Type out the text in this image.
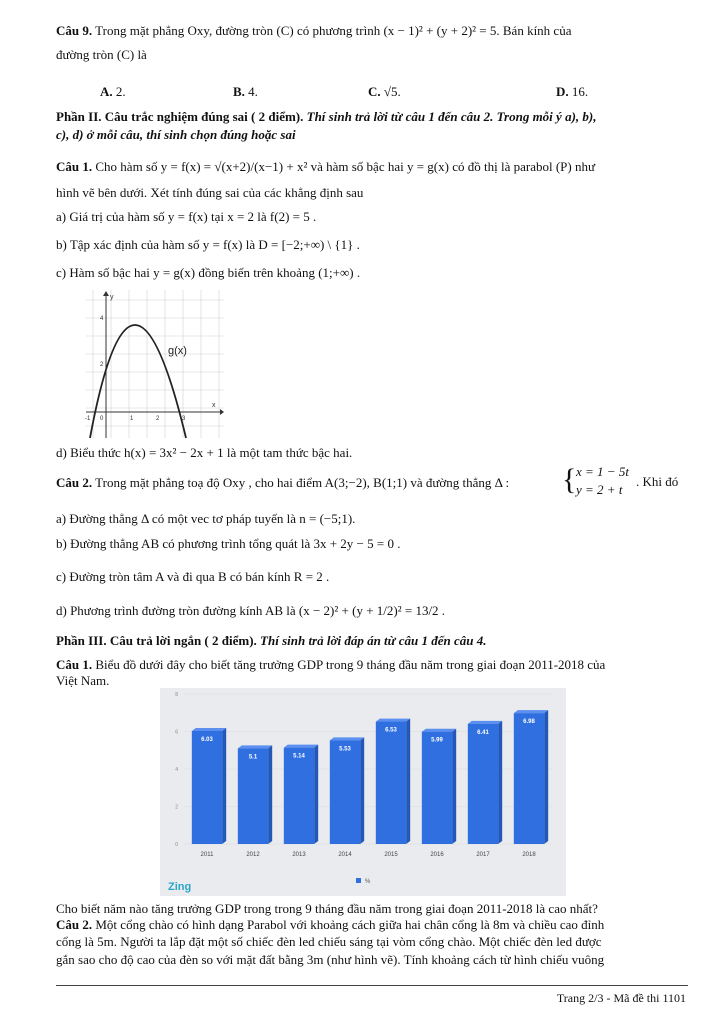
Câu 9. Trong mặt phẳng Oxy, đường tròn (C) có phương trình (x − 1)² + (y + 2)² = 5. Bán kính của
đường tròn (C) là
A. 2.	B. 4.	C. √5.	D. 16.
Phần II. Câu trắc nghiệm đúng sai ( 2 điểm). Thí sinh trả lời từ câu 1 đến câu 2. Trong mỗi ý a), b),
c), d) ở mỗi câu, thí sinh chọn đúng hoặc sai
Câu 1. Cho hàm số y = f(x) = √(x+2)/(x−1) + x² và hàm số bậc hai y = g(x) có đồ thị là parabol (P) như
hình vẽ bên dưới. Xét tính đúng sai của các khẳng định sau
a) Giá trị của hàm số y = f(x) tại x = 2 là f(2) = 5 .
b) Tập xác định của hàm số y = f(x) là D = [−2;+∞) \ {1} .
c) Hàm số bậc hai y = g(x) đồng biến trên khoảng (1;+∞) .
y
x
4
2
-1 0	1	2	3
g(x)
d) Biểu thức h(x) = 3x² − 2x + 1 là một tam thức bậc hai.
Câu 2. Trong mặt phẳng toạ độ Oxy , cho hai điểm A(3;−2), B(1;1) và đường thẳng Δ :	{ x = 1 − 5t
y = 2 + t
. Khi đó
a) Đường thẳng Δ có một vec tơ pháp tuyến là n = (−5;1).
b) Đường thẳng AB có phương trình tổng quát là 3x + 2y − 5 = 0 .
c) Đường tròn tâm A và đi qua B có bán kính R = 2 .
d) Phương trình đường tròn đường kính AB là (x − 2)² + (y + 1/2)² = 13/2 .
Phần III. Câu trả lời ngắn ( 2 điểm). Thí sinh trả lời đáp án từ câu 1 đến câu 4.
Câu 1. Biểu đồ dưới đây cho biết tăng trưởng GDP trong 9 tháng đầu năm trong giai đoạn 2011-2018 của
Việt Nam.
8
6
4
2
0
6.03
5.1	5.14
5.53
6.53
5.99
6.41
6.98
2011	2012	2013	2014	2015	2016	2017	2018
%
Zing
Cho biết năm nào tăng trưởng GDP trong trong 9 tháng đầu năm trong giai đoạn 2011-2018 là cao nhất?
Câu 2. Một cổng chào có hình dạng Parabol với khoảng cách giữa hai chân cổng là 8m và chiều cao đỉnh
cổng là 5m. Người ta lắp đặt một số chiếc đèn led chiếu sáng tại vòm cổng chào. Một chiếc đèn led được
gắn sao cho độ cao của đèn so với mặt đất bằng 3m (như hình vẽ). Tính khoảng cách từ hình chiếu vuông
Trang 2/3 - Mã đề thi 1101
